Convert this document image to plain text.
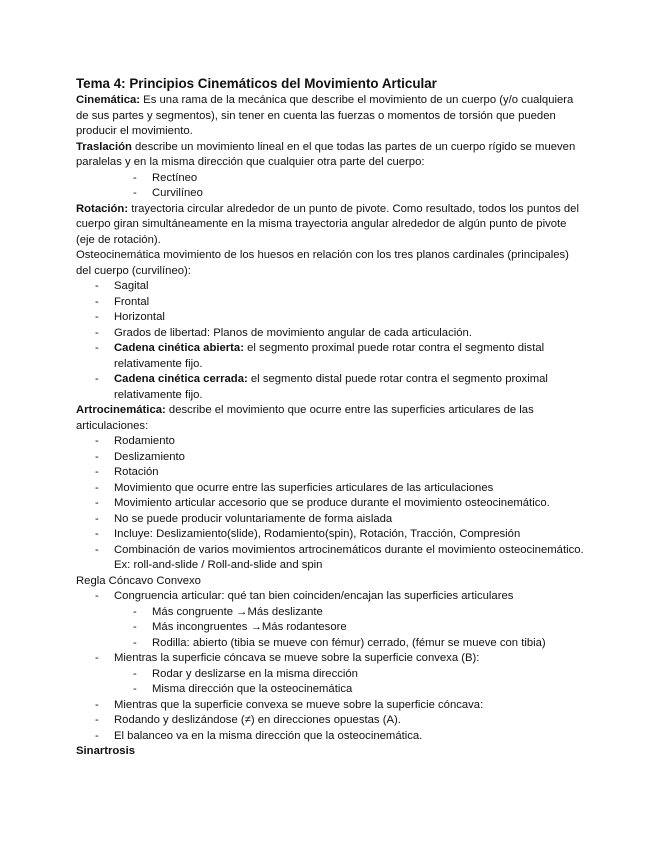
Tema 4: Principios Cinemáticos del Movimiento Articular

Cinemática: Es una rama de la mecánica que describe el movimiento de un cuerpo (y/o cualquiera de sus partes y segmentos), sin tener en cuenta las fuerzas o momentos de torsión que pueden producir el movimiento.

Traslación describe un movimiento lineal en el que todas las partes de un cuerpo rígido se mueven paralelas y en la misma dirección que cualquier otra parte del cuerpo:

- Rectíneo
- Curvilíneo

Rotación: trayectoria circular alrededor de un punto de pivote. Como resultado, todos los puntos del cuerpo giran simultáneamente en la misma trayectoria angular alrededor de algún punto de pivote (eje de rotación).

Osteocinemática movimiento de los huesos en relación con los tres planos cardinales (principales) del cuerpo (curvilíneo):

- Sagital
- Frontal
- Horizontal
- Grados de libertad: Planos de movimiento angular de cada articulación.
- Cadena cinética abierta: el segmento proximal puede rotar contra el segmento distal relativamente fijo.
- Cadena cinética cerrada: el segmento distal puede rotar contra el segmento proximal relativamente fijo.

Artrocinemática: describe el movimiento que ocurre entre las superficies articulares de las articulaciones:

- Rodamiento
- Deslizamiento
- Rotación
- Movimiento que ocurre entre las superficies articulares de las articulaciones
- Movimiento articular accesorio que se produce durante el movimiento osteocinemático.
- No se puede producir voluntariamente de forma aislada
- Incluye: Deslizamiento(slide), Rodamiento(spin), Rotación, Tracción, Compresión
- Combinación de varios movimientos artrocinemáticos durante el movimiento osteocinemático. Ex: roll-and-slide / Roll-and-slide and spin

Regla Cóncavo Convexo

- Congruencia articular: qué tan bien coinciden/encajan las superficies articulares
- Más congruente →Más deslizante
- Más incongruentes →Más rodantesore
- Rodilla: abierto (tibia se mueve con fémur) cerrado, (fémur se mueve con tibia)
- Mientras la superficie cóncava se mueve sobre la superficie convexa (B):
- Rodar y deslizarse en la misma dirección
- Misma dirección que la osteocinemática
- Mientras que la superficie convexa se mueve sobre la superficie cóncava:
- Rodando y deslizándose (≠) en direcciones opuestas (A).
- El balanceo va en la misma dirección que la osteocinemática.

Sinartrosis
